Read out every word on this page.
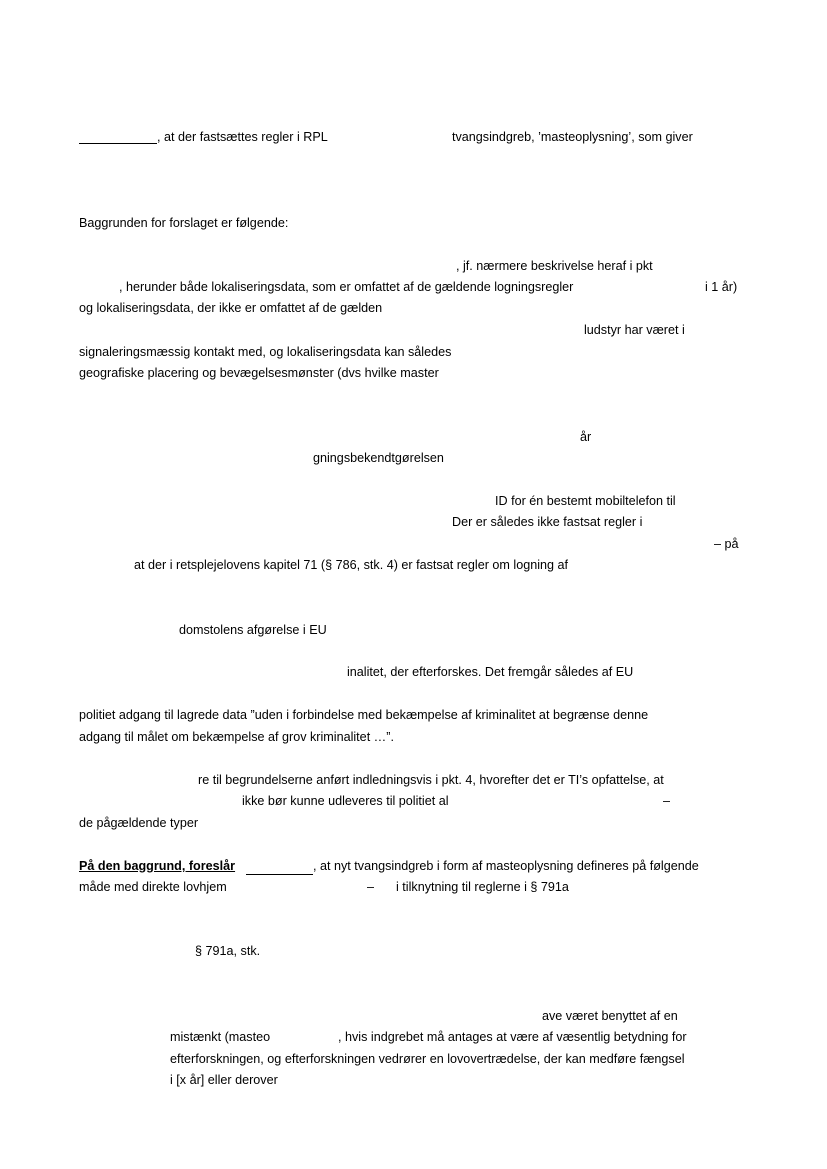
, at der fastsættes regler i RPL	tvangsindgreb, ’masteoplysning’, som giver
Baggrunden for forslaget er følgende:
, jf. nærmere beskrivelse heraf i pkt
, herunder både lokaliseringsdata, som er omfattet af de gældende logningsregler	i 1 år)
og lokaliseringsdata, der ikke er omfattet af de gælden
ludstyr har været i
signaleringsmæssig kontakt med, og lokaliseringsdata kan således
geografiske placering og bevægelsesmønster (dvs hvilke master
år
gningsbekendtgørelsen
ID for én bestemt mobiltelefon til
Der er således ikke fastsat regler i
– på
at der i retsplejelovens kapitel 71 (§ 786, stk. 4) er fastsat regler om logning af
domstolens afgørelse i EU
inalitet, der efterforskes. Det fremgår således af EU
politiet adgang til lagrede data ”uden i forbindelse med bekæmpelse af kriminalitet at begrænse denne
adgang til målet om bekæmpelse af grov kriminalitet …”.
re til begrundelserne anført indledningsvis i pkt. 4, hvorefter det er TI’s opfattelse, at
ikke bør kunne udleveres til politiet al	–
de pågældende typer
På den baggrund, foreslår	, at nyt tvangsindgreb i form af masteoplysning defineres på følgende
måde med direkte lovhjem	– i tilknytning til reglerne i § 791a
§ 791a, stk.
ave været benyttet af en
mistænkt (masteo	, hvis indgrebet må antages at være af væsentlig betydning for
efterforskningen, og efterforskningen vedrører en lovovertrædelse, der kan medføre fængsel
i [x år] eller derover
